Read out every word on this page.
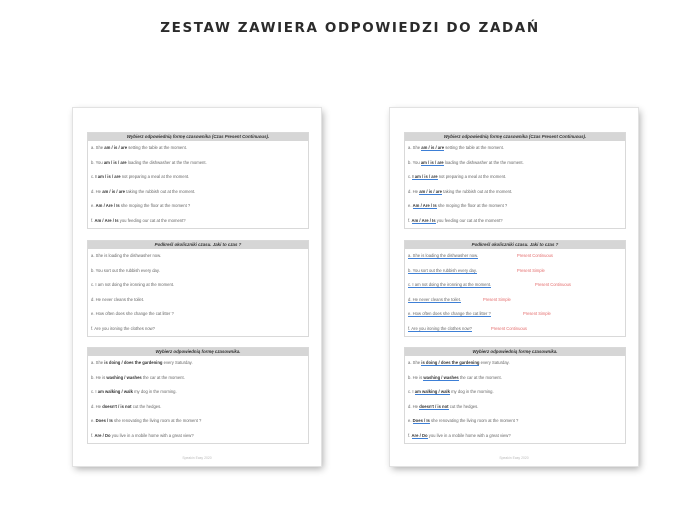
ZESTAW ZAWIERA ODPOWIEDZI DO ZADAŃ
Wybierz odpowiednią formę czasownika (Czas Present Continuous).
a. She am / is / are setting the table at the moment.
b. You am / is / are loading the dishwasher at the the moment.
c. I am / is / are not preparing a meal at the moment.
d. He am / is / are taking the rubbish out at the moment.
e. Am / Are / Is she moping the floor at the moment ?
f. Am / Are / Is you feeding our cat at the moment?
Podkreśl okoliczniki czasu. Jaki to czas ?
a. She is loading the dishwasher now.
b. You sort out the rubbish every day.
c. I am not doing the ironning at the moment.
d. He never cleans the toilet.
e. How often does she change the cat litter ?
f. Are you ironing the clothes now?
Wybierz odpowiednią formę czasownika.
a. She is doing / does the gardening every Saturday.
b. He is washing / washes the car at the moment.
c. I am walking / walk my dog in the morning.
d. He doesn't / is not cut the hedges.
e. Does / Is she renovating the living room at the moment ?
f. Are / Do you live in a mobile home with a great view?
Speakin Easy 2020
Wybierz odpowiednią formę czasownika (Czas Present Continuous).
a. She am / is / are setting the table at the moment.
b. You am / is / are loading the dishwasher at the the moment.
c. I am / is / are not preparing a meal at the moment.
d. He am / is / are taking the rubbish out at the moment.
e. Am / Are / Is she moping the floor at the moment ?
f. Am / Are / Is you feeding our cat at the moment?
Podkreśl okoliczniki czasu. Jaki to czas ?
a. She is loading the dishwasher now.	Present Continuous
b. You sort out the rubbish every day.	Present Simple
c. I am not doing the ironning at the moment.	Present Continuous
d. He never cleans the toilet.	Present Simple
e. How often does she change the cat litter ?	Present Simple
f. Are you ironing the clothes now?	Present Continuous
Wybierz odpowiednią formę czasownika.
a. She is doing / does the gardening every Saturday.
b. He is washing / washes the car at the moment.
c. I am walking / walk my dog in the morning.
d. He doesn't / is not cut the hedges.
e. Does / Is she renovating the living room at the moment ?
f. Are / Do you live in a mobile home with a great view?
Speakin Easy 2020
